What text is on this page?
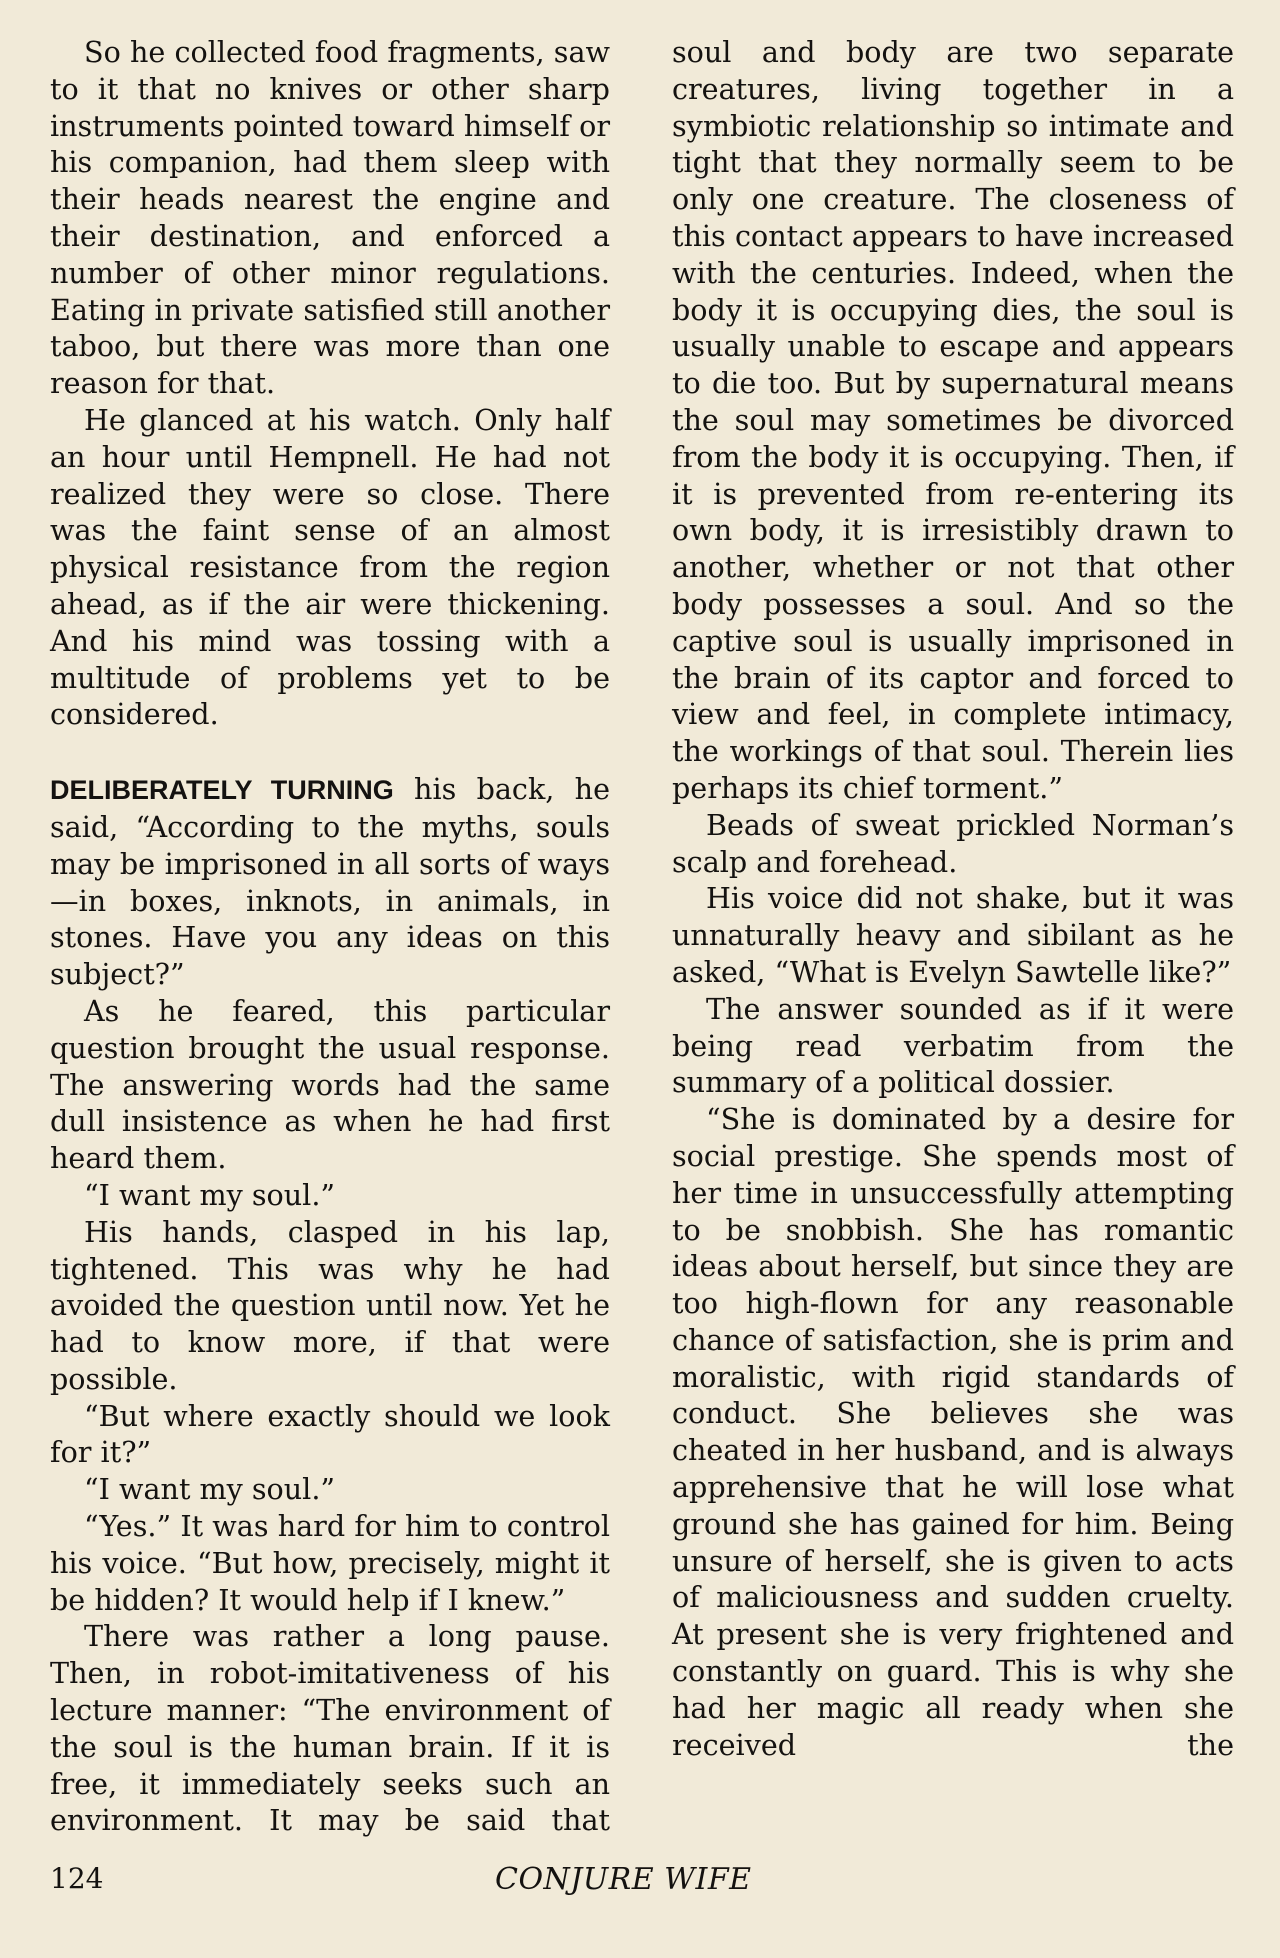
So he collected food fragments, saw to it that no knives or other sharp instruments pointed toward himself or his companion, had them sleep with their heads nearest the engine and their destination, and enforced a number of other minor regulations. Eating in private satisfied still another taboo, but there was more than one reason for that.

He glanced at his watch. Only half an hour until Hempnell. He had not realized they were so close. There was the faint sense of an almost physical resistance from the region ahead, as if the air were thickening. And his mind was tossing with a multitude of problems yet to be considered.

DELIBERATELY TURNING his back, he said, “According to the myths, souls may be imprisoned in all sorts of ways—in boxes, inknots, in animals, in stones. Have you any ideas on this subject?”

As he feared, this particular question brought the usual response. The answering words had the same dull insistence as when he had first heard them.

“I want my soul.”

His hands, clasped in his lap, tightened. This was why he had avoided the question until now. Yet he had to know more, if that were possible.

“But where exactly should we look for it?”

“I want my soul.”

“Yes.” It was hard for him to control his voice. “But how, precisely, might it be hidden? It would help if I knew.”

There was rather a long pause. Then, in robot-imitativeness of his lecture manner: “The environment of the soul is the human brain. If it is free, it immediately seeks such an environment. It may be said that

soul and body are two separate creatures, living together in a symbiotic relationship so intimate and tight that they normally seem to be only one creature. The closeness of this contact appears to have increased with the centuries. Indeed, when the body it is occupying dies, the soul is usually unable to escape and appears to die too. But by supernatural means the soul may sometimes be divorced from the body it is occupying. Then, if it is prevented from re-entering its own body, it is irresistibly drawn to another, whether or not that other body possesses a soul. And so the captive soul is usually imprisoned in the brain of its captor and forced to view and feel, in complete intimacy, the workings of that soul. Therein lies perhaps its chief torment.”

Beads of sweat prickled Norman’s scalp and forehead.

His voice did not shake, but it was unnaturally heavy and sibilant as he asked, “What is Evelyn Sawtelle like?”

The answer sounded as if it were being read verbatim from the summary of a political dossier.

“She is dominated by a desire for social prestige. She spends most of her time in unsuccessfully attempting to be snobbish. She has romantic ideas about herself, but since they are too high-flown for any reasonable chance of satisfaction, she is prim and moralistic, with rigid standards of conduct. She believes she was cheated in her husband, and is always apprehensive that he will lose what ground she has gained for him. Being unsure of herself, she is given to acts of maliciousness and sudden cruelty. At present she is very frightened and constantly on guard. This is why she had her magic all ready when she received the

124	CONJURE WIFE
